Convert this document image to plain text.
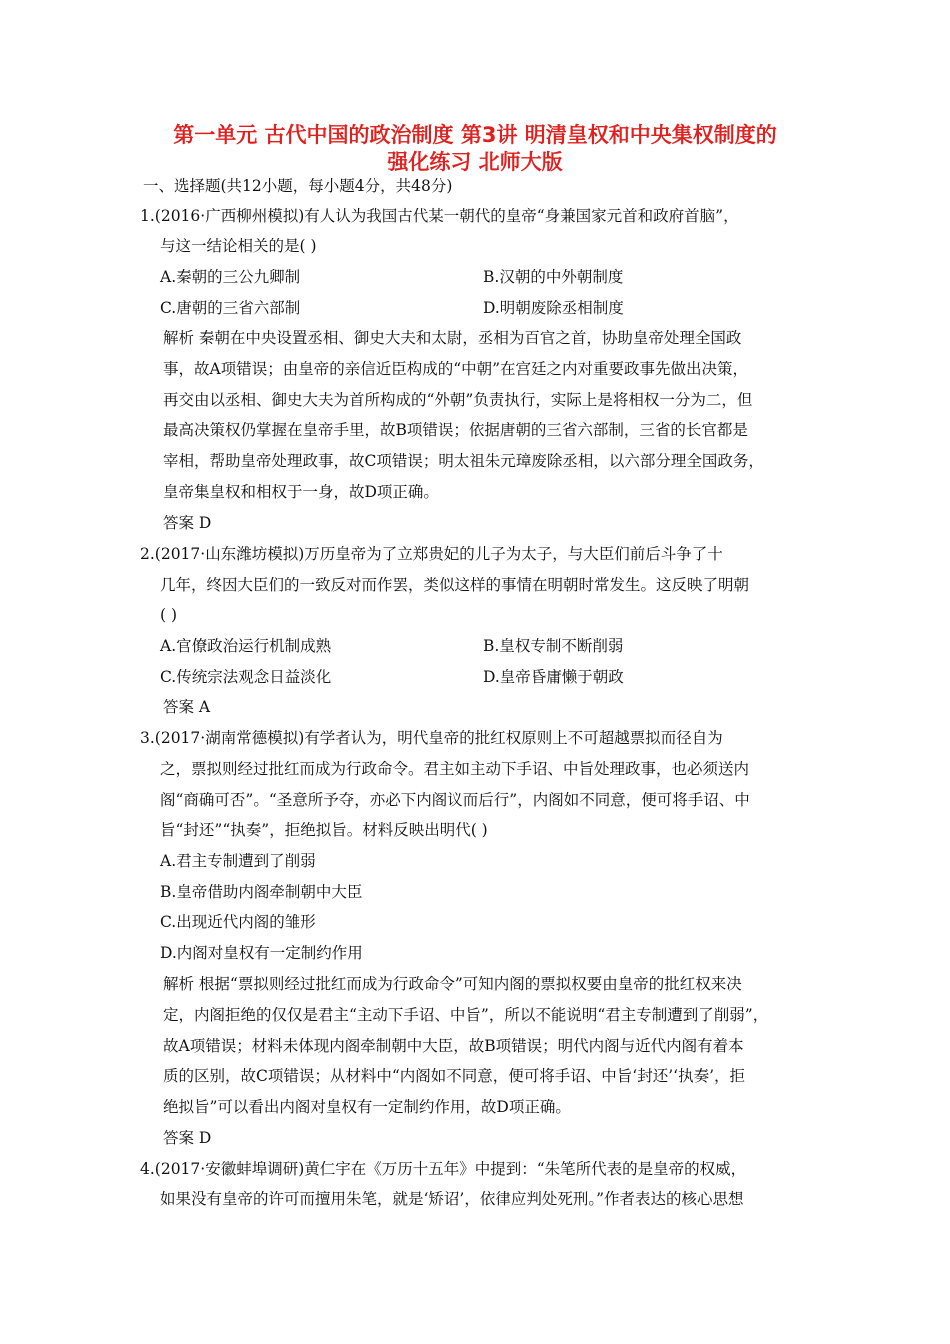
第一单元 古代中国的政治制度 第3讲 明清皇权和中央集权制度的
强化练习 北师大版
一、选择题(共12小题，每小题4分，共48分)
1.(2016·广西柳州模拟)有人认为我国古代某一朝代的皇帝“身兼国家元首和政府首脑”，
与这一结论相关的是( )
A.秦朝的三公九卿制	B.汉朝的中外朝制度
C.唐朝的三省六部制	D.明朝废除丞相制度
解析 秦朝在中央设置丞相、御史大夫和太尉，丞相为百官之首，协助皇帝处理全国政
事，故A项错误；由皇帝的亲信近臣构成的“中朝”在宫廷之内对重要政事先做出决策，
再交由以丞相、御史大夫为首所构成的“外朝”负责执行，实际上是将相权一分为二，但
最高决策权仍掌握在皇帝手里，故B项错误；依据唐朝的三省六部制，三省的长官都是
宰相，帮助皇帝处理政事，故C项错误；明太祖朱元璋废除丞相，以六部分理全国政务，
皇帝集皇权和相权于一身，故D项正确。
答案 D
2.(2017·山东潍坊模拟)万历皇帝为了立郑贵妃的儿子为太子，与大臣们前后斗争了十
几年，终因大臣们的一致反对而作罢，类似这样的事情在明朝时常发生。这反映了明朝
( )
A.官僚政治运行机制成熟	B.皇权专制不断削弱
C.传统宗法观念日益淡化	D.皇帝昏庸懒于朝政
答案 A
3.(2017·湖南常德模拟)有学者认为，明代皇帝的批红权原则上不可超越票拟而径自为
之，票拟则经过批红而成为行政命令。君主如主动下手诏、中旨处理政事，也必须送内
阁“商确可否”。“圣意所予夺，亦必下内阁议而后行”，内阁如不同意，便可将手诏、中
旨“封还”“执奏”，拒绝拟旨。材料反映出明代( )
A.君主专制遭到了削弱
B.皇帝借助内阁牵制朝中大臣
C.出现近代内阁的雏形
D.内阁对皇权有一定制约作用
解析 根据“票拟则经过批红而成为行政命令”可知内阁的票拟权要由皇帝的批红权来决
定，内阁拒绝的仅仅是君主“主动下手诏、中旨”，所以不能说明“君主专制遭到了削弱”，
故A项错误；材料未体现内阁牵制朝中大臣，故B项错误；明代内阁与近代内阁有着本
质的区别，故C项错误；从材料中“内阁如不同意，便可将手诏、中旨‘封还’‘执奏’，拒
绝拟旨”可以看出内阁对皇权有一定制约作用，故D项正确。
答案 D
4.(2017·安徽蚌埠调研)黄仁宇在《万历十五年》中提到：“朱笔所代表的是皇帝的权威，
如果没有皇帝的许可而擅用朱笔，就是‘矫诏’，依律应判处死刑。”作者表达的核心思想
